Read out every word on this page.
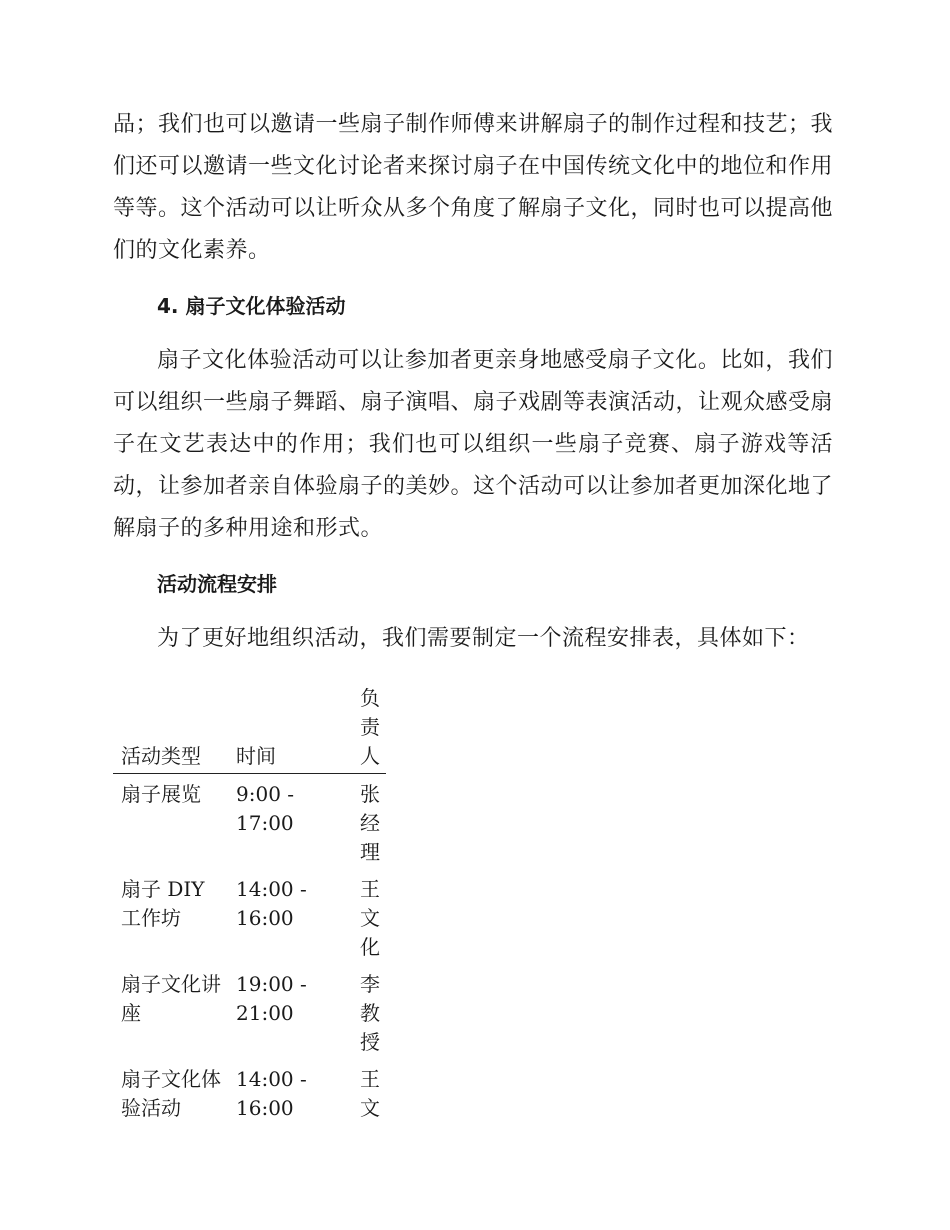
品；我们也可以邀请一些扇子制作师傅来讲解扇子的制作过程和技艺；我们还可以邀请一些文化讨论者来探讨扇子在中国传统文化中的地位和作用等等。这个活动可以让听众从多个角度了解扇子文化，同时也可以提高他们的文化素养。

4. 扇子文化体验活动

扇子文化体验活动可以让参加者更亲身地感受扇子文化。比如，我们可以组织一些扇子舞蹈、扇子演唱、扇子戏剧等表演活动，让观众感受扇子在文艺表达中的作用；我们也可以组织一些扇子竞赛、扇子游戏等活动，让参加者亲自体验扇子的美妙。这个活动可以让参加者更加深化地了解扇子的多种用途和形式。

活动流程安排

为了更好地组织活动，我们需要制定一个流程安排表，具体如下：

活动类型	时间	负责人

扇子展览	9:00 - 17:00	张经理

扇子 DIY 工作坊	14:00 - 16:00	王文化

扇子文化讲座	19:00 - 21:00	李教授

扇子文化体验活动	14:00 - 16:00	王文
